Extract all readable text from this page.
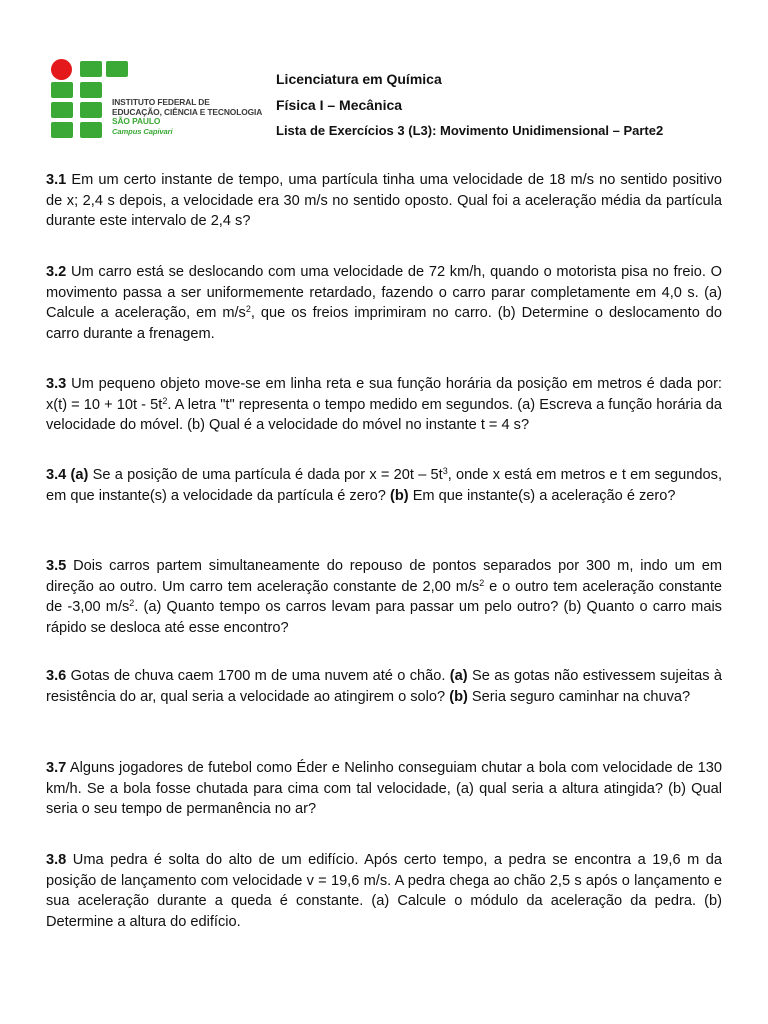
INSTITUTO FEDERAL DE
EDUCAÇÃO, CIÊNCIA E TECNOLOGIA
SÃO PAULO
Campus Capivari
Licenciatura em Química
Física I – Mecânica
Lista de Exercícios 3 (L3): Movimento Unidimensional – Parte2
3.1 Em um certo instante de tempo, uma partícula tinha uma velocidade de 18 m/s no sentido positivo de x; 2,4 s depois, a velocidade era 30 m/s no sentido oposto. Qual foi a aceleração média da partícula durante este intervalo de 2,4 s?
3.2 Um carro está se deslocando com uma velocidade de 72 km/h, quando o motorista pisa no freio. O movimento passa a ser uniformemente retardado, fazendo o carro parar completamente em 4,0 s. (a) Calcule a aceleração, em $m/s^2$, que os freios imprimiram no carro. (b) Determine o deslocamento do carro durante a frenagem.
3.3 Um pequeno objeto move-se em linha reta e sua função horária da posição em metros é dada por: $x(t) = 10 + 10t - 5t^2$. A letra "t" representa o tempo medido em segundos. (a) Escreva a função horária da velocidade do móvel. (b) Qual é a velocidade do móvel no instante t = 4 s?
3.4 (a) Se a posição de uma partícula é dada por $x = 20t - 5t^3$, onde x está em metros e t em segundos, em que instante(s) a velocidade da partícula é zero? (b) Em que instante(s) a aceleração é zero?
3.5 Dois carros partem simultaneamente do repouso de pontos separados por 300 m, indo um em direção ao outro. Um carro tem aceleração constante de 2,00 $m/s^2$ e o outro tem aceleração constante de -3,00 $m/s^2$. (a) Quanto tempo os carros levam para passar um pelo outro? (b) Quanto o carro mais rápido se desloca até esse encontro?
3.6 Gotas de chuva caem 1700 m de uma nuvem até o chão. (a) Se as gotas não estivessem sujeitas à resistência do ar, qual seria a velocidade ao atingirem o solo? (b) Seria seguro caminhar na chuva?
3.7 Alguns jogadores de futebol como Éder e Nelinho conseguiam chutar a bola com velocidade de 130 km/h. Se a bola fosse chutada para cima com tal velocidade, (a) qual seria a altura atingida? (b) Qual seria o seu tempo de permanência no ar?
3.8 Uma pedra é solta do alto de um edifício. Após certo tempo, a pedra se encontra a 19,6 m da posição de lançamento com velocidade v = 19,6 m/s. A pedra chega ao chão 2,5 s após o lançamento e sua aceleração durante a queda é constante. (a) Calcule o módulo da aceleração da pedra. (b) Determine a altura do edifício.
